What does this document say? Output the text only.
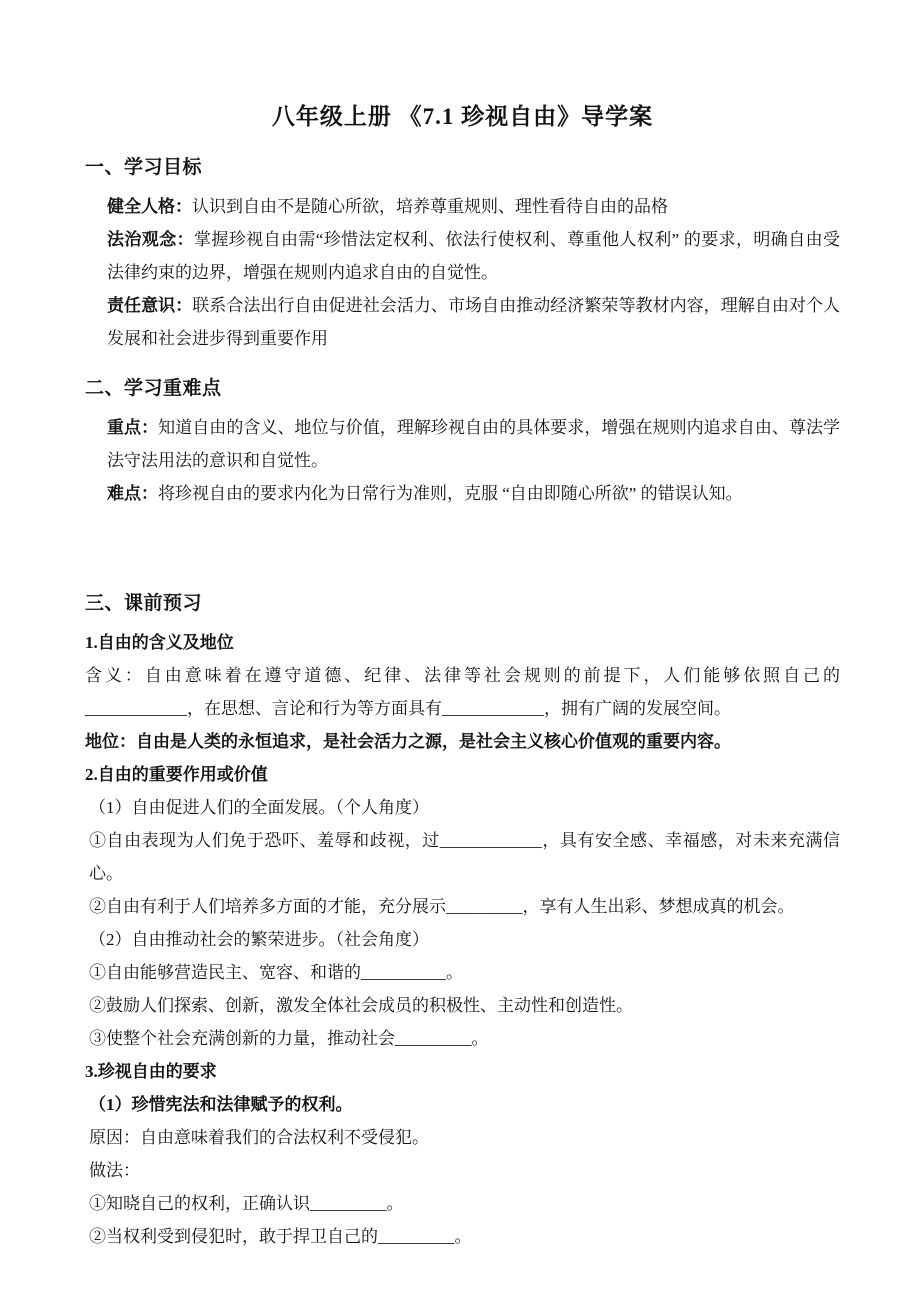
八年级上册 《7.1 珍视自由》导学案
一、学习目标

健全人格：认识到自由不是随心所欲，培养尊重规则、理性看待自由的品格

法治观念：掌握珍视自由需“珍惜法定权利、依法行使权利、尊重他人权利” 的要求，明确自由受法律约束的边界，增强在规则内追求自由的自觉性。

责任意识：联系合法出行自由促进社会活力、市场自由推动经济繁荣等教材内容，理解自由对个人发展和社会进步得到重要作用

二、学习重难点

重点：知道自由的含义、地位与价值，理解珍视自由的具体要求，增强在规则内追求自由、尊法学法守法用法的意识和自觉性。

难点：将珍视自由的要求内化为日常行为准则，克服 “自由即随心所欲” 的错误认知。

三、课前预习

1.自由的含义及地位

含义：自由意味着在遵守道德、纪律、法律等社会规则的前提下，人们能够依照自己的____________，在思想、言论和行为等方面具有____________，拥有广阔的发展空间。

地位：自由是人类的永恒追求，是社会活力之源，是社会主义核心价值观的重要内容。

2.自由的重要作用或价值

（1）自由促进人们的全面发展。（个人角度）

①自由表现为人们免于恐吓、羞辱和歧视，过____________，具有安全感、幸福感，对未来充满信心。

②自由有利于人们培养多方面的才能，充分展示_________，享有人生出彩、梦想成真的机会。

（2）自由推动社会的繁荣进步。（社会角度）

①自由能够营造民主、宽容、和谐的__________。

②鼓励人们探索、创新，激发全体社会成员的积极性、主动性和创造性。

③使整个社会充满创新的力量，推动社会_________。

3.珍视自由的要求

（1）珍惜宪法和法律赋予的权利。

原因：自由意味着我们的合法权利不受侵犯。

做法：

①知晓自己的权利，正确认识_________。

②当权利受到侵犯时，敢于捍卫自己的_________。
